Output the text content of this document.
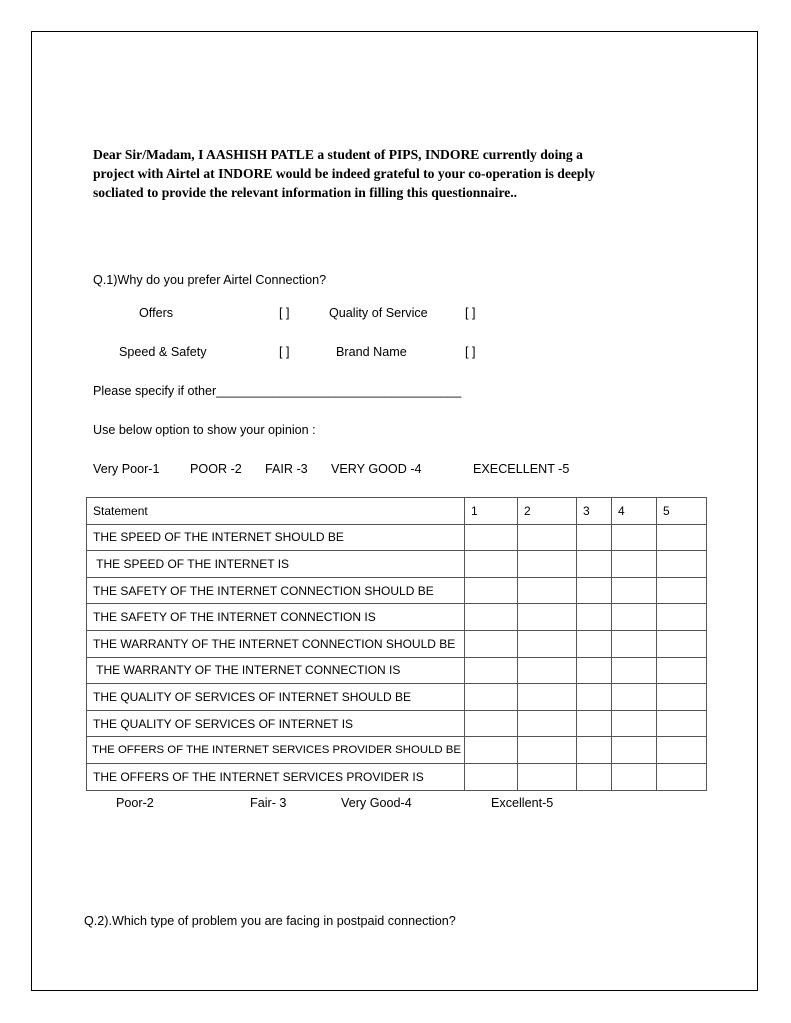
Dear Sir/Madam, I AASHISH PATLE a student of PIPS, INDORE currently doing a

project with Airtel at INDORE would be indeed grateful to your co-operation is deeply

socliated to provide the relevant information in filling this questionnaire..

Q.1)Why do you prefer Airtel Connection?
Offers	[ ]	Quality of Service	[ ]
Speed & Safety	[ ]	Brand Name	[ ]
Please specify if other___________________________________
Use below option to show your opinion :
Very Poor-1 POOR -2 FAIR -3 VERY GOOD -4	EXECELLENT -5
Statement	1	2	3	4	5
THE SPEED OF THE INTERNET SHOULD BE					
THE SPEED OF THE INTERNET IS					
THE SAFETY OF THE INTERNET CONNECTION SHOULD BE					
THE SAFETY OF THE INTERNET CONNECTION IS					
THE WARRANTY OF THE INTERNET CONNECTION SHOULD BE					
THE WARRANTY OF THE INTERNET CONNECTION IS					
THE QUALITY OF SERVICES OF INTERNET SHOULD BE					
THE QUALITY OF SERVICES OF INTERNET IS					
THE OFFERS OF THE INTERNET SERVICES PROVIDER SHOULD BE					
THE OFFERS OF THE INTERNET SERVICES PROVIDER IS					
Poor-2	Fair- 3	Very Good-4	Excellent-5
Q.2).Which type of problem you are facing in postpaid connection?
